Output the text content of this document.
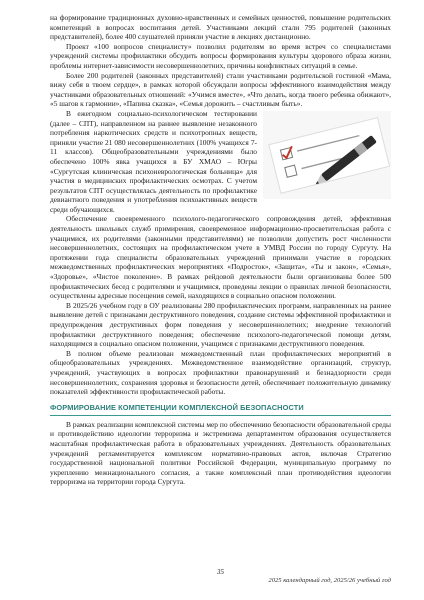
на формирование традиционных духовно-нравственных и семейных ценностей, повышение родительских компетенций в вопросах воспитания детей. Участниками лекций стали 795 родителей (законных представителей), более 400 слушателей приняли участие в лекциях дистанционно.

Проект «100 вопросов специалисту» позволил родителям во время встреч со специалистами учреждений системы профилактики обсудить вопросы формирования культуры здорового образа жизни, проблемы интернет-зависимости несовершеннолетних, причины конфликтных ситуаций в семье.

Более 200 родителей (законных представителей) стали участниками родительской гостиной «Мама, вижу себя в твоем сердце», в рамках которой обсуждали вопросы эффективного взаимодействия между участниками образовательных отношений: «Учимся вместе», «Что делать, когда твоего ребенка обижают», «5 шагов к гармонии», «Папина сказка», «Семья дорожить – счастливым быть».

В ежегодном социально-психологическом тестировании (далее – СПТ), направленном на раннее выявление незаконного потребления наркотических средств и психотропных веществ, приняли участие 21 080 несовершеннолетних (100% учащихся 7-11 классов). Общеобразовательными учреждениями было обеспечено 100% явка учащихся в БУ ХМАО – Югры «Сургутская клиническая психоневрологическая больница» для участия в медицинских профилактических осмотрах. С учетом результатов СПТ осуществлялась деятельность по профилактике девиантного поведения и употребления психоактивных веществ среди обучающихся.

Обеспечение своевременного психолого-педагогического сопровождения детей, эффективная деятельность школьных служб примирения, своевременное информационно-просветительская работа с учащимися, их родителями (законными представителями) не позволили допустить рост численности несовершеннолетних, состоящих на профилактическом учете в УМВД России по городу Сургуту. На протяжении года специалисты образовательных учреждений принимали участие в городских межведомственных профилактических мероприятиях «Подросток», «Защита», «Ты и закон», «Семья», «Здоровье», «Чистое поколение». В рамках рейдовой деятельности были организованы более 500 профилактических бесед с родителями и учащимися, проведены лекции о правилах личной безопасности, осуществлены адресные посещения семей, находящихся в социально опасном положении.

В 2025/26 учебном году в ОУ реализованы 280 профилактических программ, направленных на раннее выявление детей с признаками деструктивного поведения, создание системы эффективной профилактики и предупреждения деструктивных форм поведения у несовершеннолетних; внедрение технологий профилактики деструктивного поведения; обеспечение психолого-педагогической помощи детям, находящимся в социально опасном положении, учащимся с признаками деструктивного поведения.

В полном объеме реализован межведомственный план профилактических мероприятий в общеобразовательных учреждениях. Межведомственное взаимодействие организаций, структур, учреждений, участвующих в вопросах профилактики правонарушений и безнадзорности среди несовершеннолетних, сохранения здоровья и безопасности детей, обеспечивает положительную динамику показателей эффективности профилактической работы.

ФОРМИРОВАНИЕ КОМПЕТЕНЦИИ КОМПЛЕКСНОЙ БЕЗОПАСНОСТИ

В рамках реализации комплексной системы мер по обеспечению безопасности образовательной среды и противодействию идеологии терроризма и экстремизма департаментом образования осуществляется масштабная профилактическая работа в образовательных учреждениях. Деятельность образовательных учреждений регламентируется комплексом нормативно-правовых актов, включая Стратегию государственной национальной политики Российской Федерации, муниципальную программу по укреплению межнационального согласия, а также комплексный план противодействия идеологии терроризма на территории города Сургута.

35
2025 календарный год, 2025/26 учебный год
